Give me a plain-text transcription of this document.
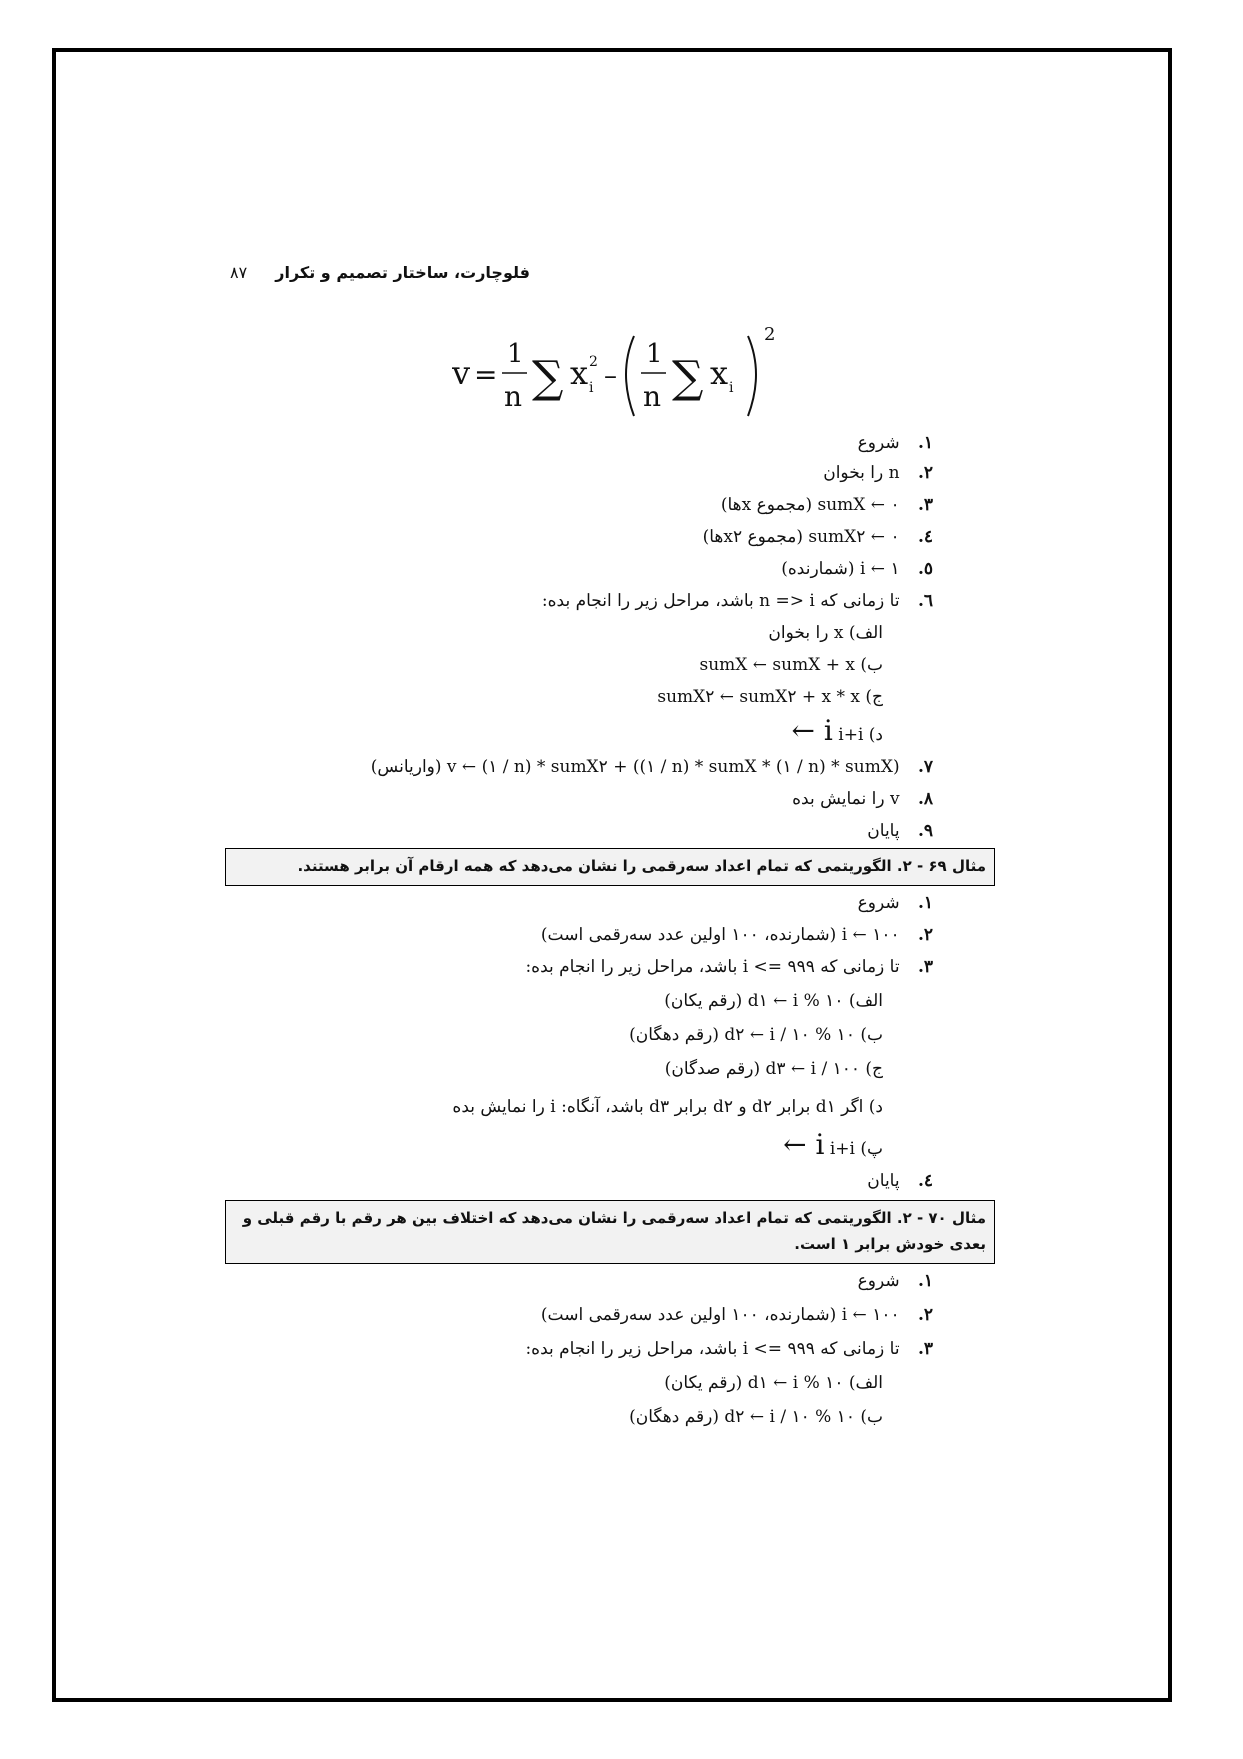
فلوچارت، ساختار تصمیم و تکرار
۸۷
v =
1
n ∑ x 2
i –
1
n ∑ x i
2
۱. شروع
۲. n را بخوان
۳. ۰ ← sumX (مجموع xها)
٤. ۰ ← sumX۲ (مجموع x۲ها)
٥. ۱ ← i (شمارنده)
٦. تا زمانی که n => i باشد، مراحل زیر را انجام بده:
الف) x را بخوان
ب) sumX ← sumX + x
ج) sumX۲ ← sumX۲ + x * x
د) i+i i ←
۷. v ← (۱ / n) * sumX۲ + ((۱ / n) * sumX * (۱ / n) * sumX) (واریانس)
۸. v را نمایش بده
۹. پایان
مثال ۶۹ - ۲. الگوریتمی که تمام اعداد سه‌رقمی را نشان می‌دهد که همه ارقام آن برابر هستند.
۱. شروع
۲. ۱۰۰ ← i (شمارنده، ۱۰۰ اولین عدد سه‌رقمی است)
۳. تا زمانی که ۹۹۹ => i باشد، مراحل زیر را انجام بده:
الف) d۱ ← i % ۱۰ (رقم یکان)
ب) d۲ ← i / ۱۰ % ۱۰ (رقم دهگان)
ج) d۳ ← i / ۱۰۰ (رقم صدگان)
د) اگر d۱ برابر d۲ و d۲ برابر d۳ باشد، آنگاه: i را نمایش بده
پ) i+i i ←
٤. پایان
مثال ۷۰ - ۲. الگوریتمی که تمام اعداد سه‌رقمی را نشان می‌دهد که اختلاف بین هر رقم با رقم قبلی و بعدی خودش برابر ۱ است.
۱. شروع
۲. ۱۰۰ ← i (شمارنده، ۱۰۰ اولین عدد سه‌رقمی است)
۳. تا زمانی که ۹۹۹ => i باشد، مراحل زیر را انجام بده:
الف) d۱ ← i % ۱۰ (رقم یکان)
ب) d۲ ← i / ۱۰ % ۱۰ (رقم دهگان)
